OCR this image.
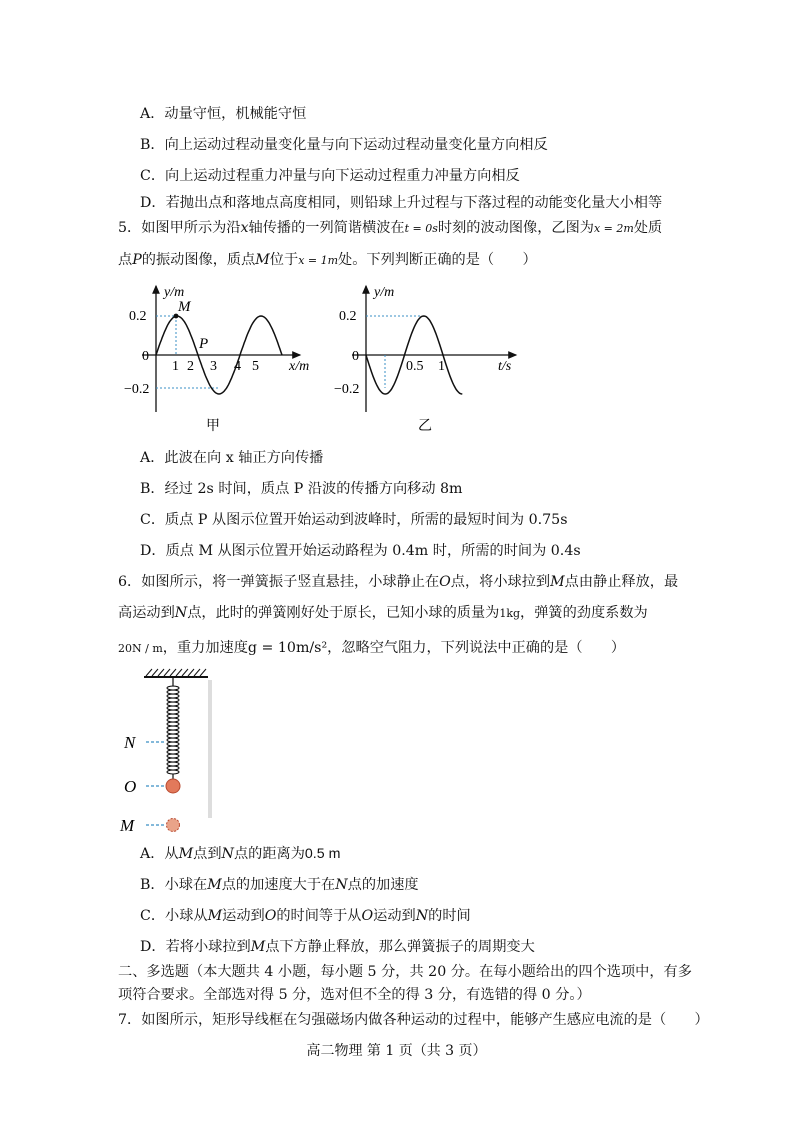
A．动量守恒，机械能守恒
B．向上运动过程动量变化量与向下运动过程动量变化量方向相反
C．向上运动过程重力冲量与向下运动过程重力冲量方向相反
D．若抛出点和落地点高度相同，则铅球上升过程与下落过程的动能变化量大小相等
5．如图甲所示为沿x轴传播的一列简谐横波在t = 0s时刻的波动图像，乙图为x = 2m处质
点P的振动图像，质点M位于x = 1m处。下列判断正确的是（　　）
y/m
x/m
0.2
0
−0.2
1 2 3 4 5
M
P
甲
y/m
t/s
0.2
0
−0.2
0.5 1
乙
A．此波在向 x 轴正方向传播
B．经过 2s 时间，质点 P 沿波的传播方向移动 8m
C．质点 P 从图示位置开始运动到波峰时，所需的最短时间为 0.75s
D．质点 M 从图示位置开始运动路程为 0.4m 时，所需的时间为 0.4s
6．如图所示，将一弹簧振子竖直悬挂，小球静止在O点，将小球拉到M点由静止释放，最
高运动到N点，此时的弹簧刚好处于原长，已知小球的质量为1kg，弹簧的劲度系数为
20N / m，重力加速度g = 10m/s²，忽略空气阻力，下列说法中正确的是（　　）
N
O
M
A．从M点到N点的距离为0.5 m
B．小球在M点的加速度大于在N点的加速度
C．小球从M运动到O的时间等于从O运动到N的时间
D．若将小球拉到M点下方静止释放，那么弹簧振子的周期变大
二、多选题（本大题共 4 小题，每小题 5 分，共 20 分。在每小题给出的四个选项中，有多
项符合要求。全部选对得 5 分，选对但不全的得 3 分，有选错的得 0 分。）
7．如图所示，矩形导线框在匀强磁场内做各种运动的过程中，能够产生感应电流的是（　　）
高二物理 第 1 页（共 3 页）
